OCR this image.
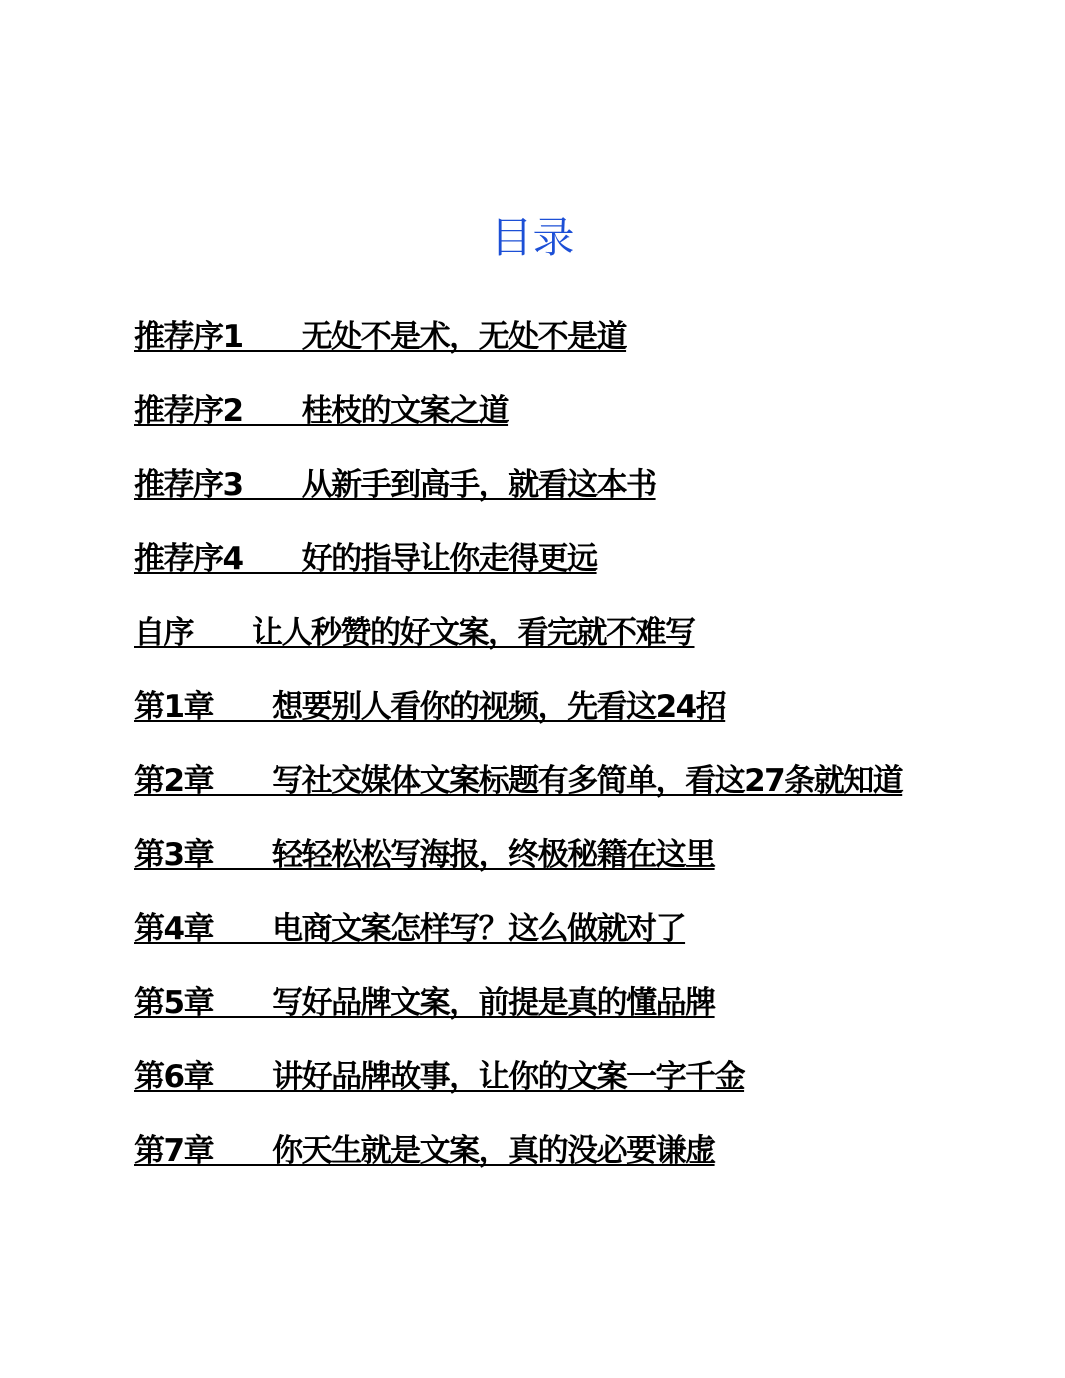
目录
推荐序1　　无处不是术，无处不是道
推荐序2　　桂枝的文案之道
推荐序3　　从新手到高手，就看这本书
推荐序4　　好的指导让你走得更远
自序　　让人秒赞的好文案，看完就不难写
第1章　　想要别人看你的视频，先看这24招
第2章　　写社交媒体文案标题有多简单，看这27条就知道
第3章　　轻轻松松写海报，终极秘籍在这里
第4章　　电商文案怎样写？这么做就对了
第5章　　写好品牌文案，前提是真的懂品牌
第6章　　讲好品牌故事，让你的文案一字千金
第7章　　你天生就是文案，真的没必要谦虚
